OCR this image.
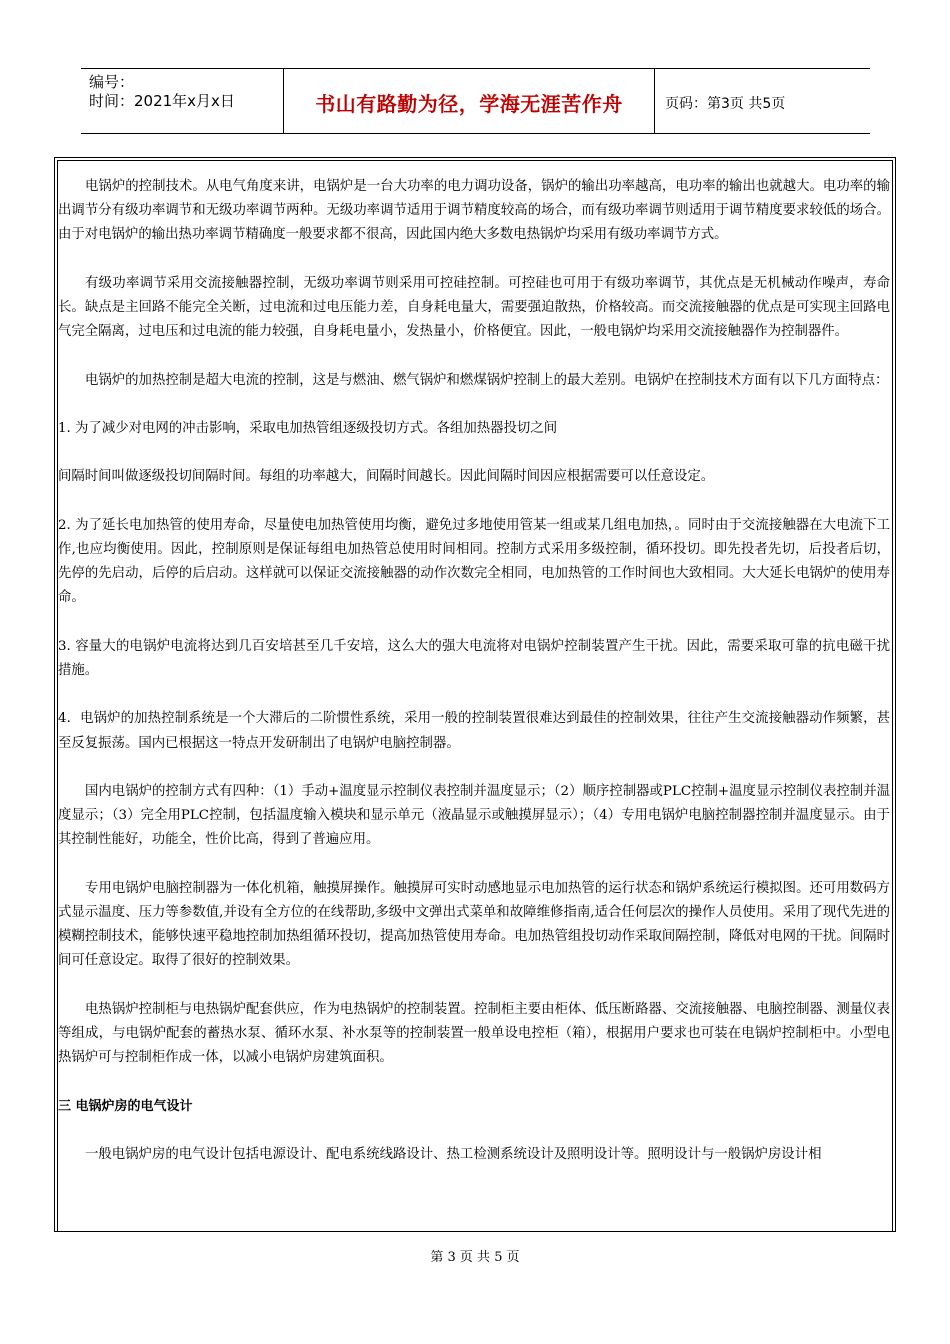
编号：
时间：2021年x月x日	书山有路勤为径，学海无涯苦作舟	页码：第3页 共5页

电锅炉的控制技术。从电气角度来讲，电锅炉是一台大功率的电力调功设备，锅炉的输出功率越高，电功率的输出也就越大。电功率的输出调节分有级功率调节和无级功率调节两种。无级功率调节适用于调节精度较高的场合，而有级功率调节则适用于调节精度要求较低的场合。由于对电锅炉的输出热功率调节精确度一般要求都不很高，因此国内绝大多数电热锅炉均采用有级功率调节方式。

有级功率调节采用交流接触器控制，无级功率调节则采用可控硅控制。可控硅也可用于有级功率调节，其优点是无机械动作噪声，寿命长。缺点是主回路不能完全关断，过电流和过电压能力差，自身耗电量大，需要强迫散热，价格较高。而交流接触器的优点是可实现主回路电气完全隔离，过电压和过电流的能力较强，自身耗电量小，发热量小，价格便宜。因此，一般电锅炉均采用交流接触器作为控制器件。

电锅炉的加热控制是超大电流的控制，这是与燃油、燃气锅炉和燃煤锅炉控制上的最大差别。电锅炉在控制技术方面有以下几方面特点：

1. 为了减少对电网的冲击影响，采取电加热管组逐级投切方式。各组加热器投切之间

间隔时间叫做逐级投切间隔时间。每组的功率越大，间隔时间越长。因此间隔时间因应根据需要可以任意设定。

2. 为了延长电加热管的使用寿命，尽量使电加热管使用均衡，避免过多地使用管某一组或某几组电加热，。同时由于交流接触器在大电流下工作,也应均衡使用。因此，控制原则是保证每组电加热管总使用时间相同。控制方式采用多级控制，循环投切。即先投者先切，后投者后切，先停的先启动，后停的后启动。这样就可以保证交流接触器的动作次数完全相同，电加热管的工作时间也大致相同。大大延长电锅炉的使用寿命。

3. 容量大的电锅炉电流将达到几百安培甚至几千安培，这么大的强大电流将对电锅炉控制装置产生干扰。因此，需要采取可靠的抗电磁干扰措施。

4．电锅炉的加热控制系统是一个大滞后的二阶惯性系统，采用一般的控制装置很难达到最佳的控制效果，往往产生交流接触器动作频繁，甚至反复振荡。国内已根据这一特点开发研制出了电锅炉电脑控制器。

国内电锅炉的控制方式有四种：（1）手动+温度显示控制仪表控制并温度显示；（2）顺序控制器或PLC控制+温度显示控制仪表控制并温度显示；（3）完全用PLC控制，包括温度输入模块和显示单元（液晶显示或触摸屏显示）；（4）专用电锅炉电脑控制器控制并温度显示。由于其控制性能好，功能全，性价比高，得到了普遍应用。

专用电锅炉电脑控制器为一体化机箱，触摸屏操作。触摸屏可实时动感地显示电加热管的运行状态和锅炉系统运行模拟图。还可用数码方式显示温度、压力等参数值,并设有全方位的在线帮助,多级中文弹出式菜单和故障维修指南,适合任何层次的操作人员使用。采用了现代先进的模糊控制技术，能够快速平稳地控制加热组循环投切，提高加热管使用寿命。电加热管组投切动作采取间隔控制，降低对电网的干扰。间隔时间可任意设定。取得了很好的控制效果。

电热锅炉控制柜与电热锅炉配套供应，作为电热锅炉的控制装置。控制柜主要由柜体、低压断路器、交流接触器、电脑控制器、测量仪表等组成，与电锅炉配套的蓄热水泵、循环水泵、补水泵等的控制装置一般单设电控柜（箱），根据用户要求也可装在电锅炉控制柜中。小型电热锅炉可与控制柜作成一体，以减小电锅炉房建筑面积。

三 电锅炉房的电气设计

一般电锅炉房的电气设计包括电源设计、配电系统线路设计、热工检测系统设计及照明设计等。照明设计与一般锅炉房设计相

第 3 页 共 5 页
